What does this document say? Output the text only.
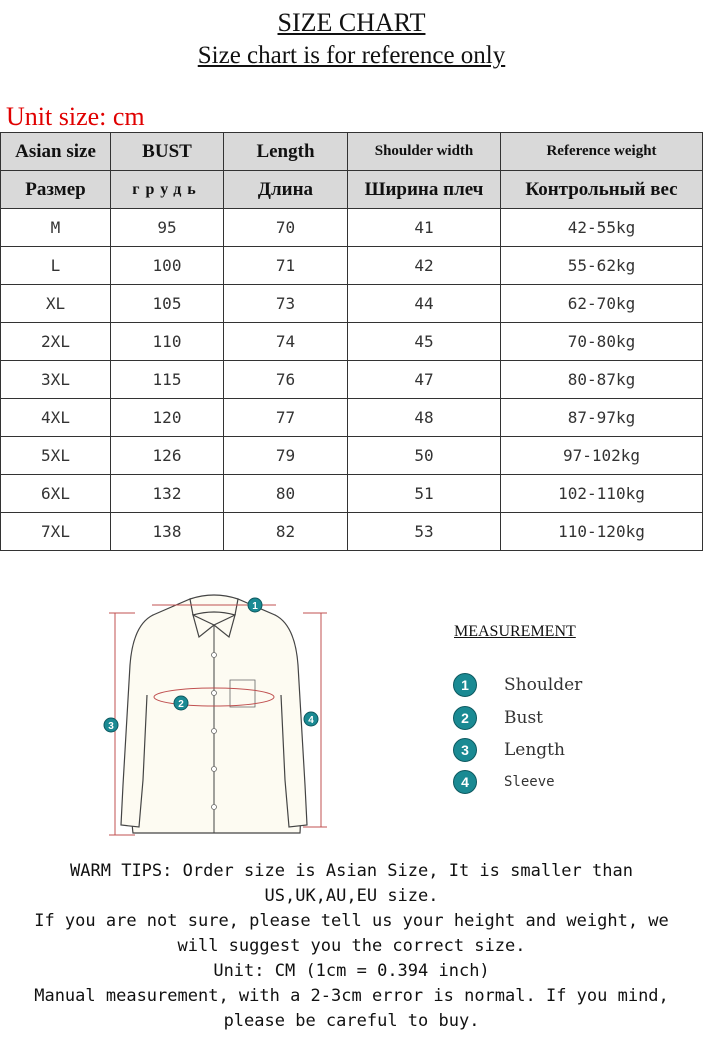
SIZE CHART
Size chart is for reference only
Unit size: cm
Asian size	BUST	Length	Shoulder width	Reference weight
Размер	грудь	Длина	Ширина плеч	Контрольный вес
M	95	70	41	42-55kg
L	100	71	42	55-62kg
XL	105	73	44	62-70kg
2XL	110	74	45	70-80kg
3XL	115	76	47	80-87kg
4XL	120	77	48	87-97kg
5XL	126	79	50	97-102kg
6XL	132	80	51	102-110kg
7XL	138	82	53	110-120kg
1
2
3
4
MEASUREMENT
1	Shoulder
2	Bust
3	Length
4	Sleeve
WARM TIPS: Order size is Asian Size, It is smaller than
US,UK,AU,EU size.
If you are not sure, please tell us your height and weight, we
will suggest you the correct size.
Unit: CM (1cm = 0.394 inch)
Manual measurement, with a 2-3cm error is normal. If you mind,
please be careful to buy.
